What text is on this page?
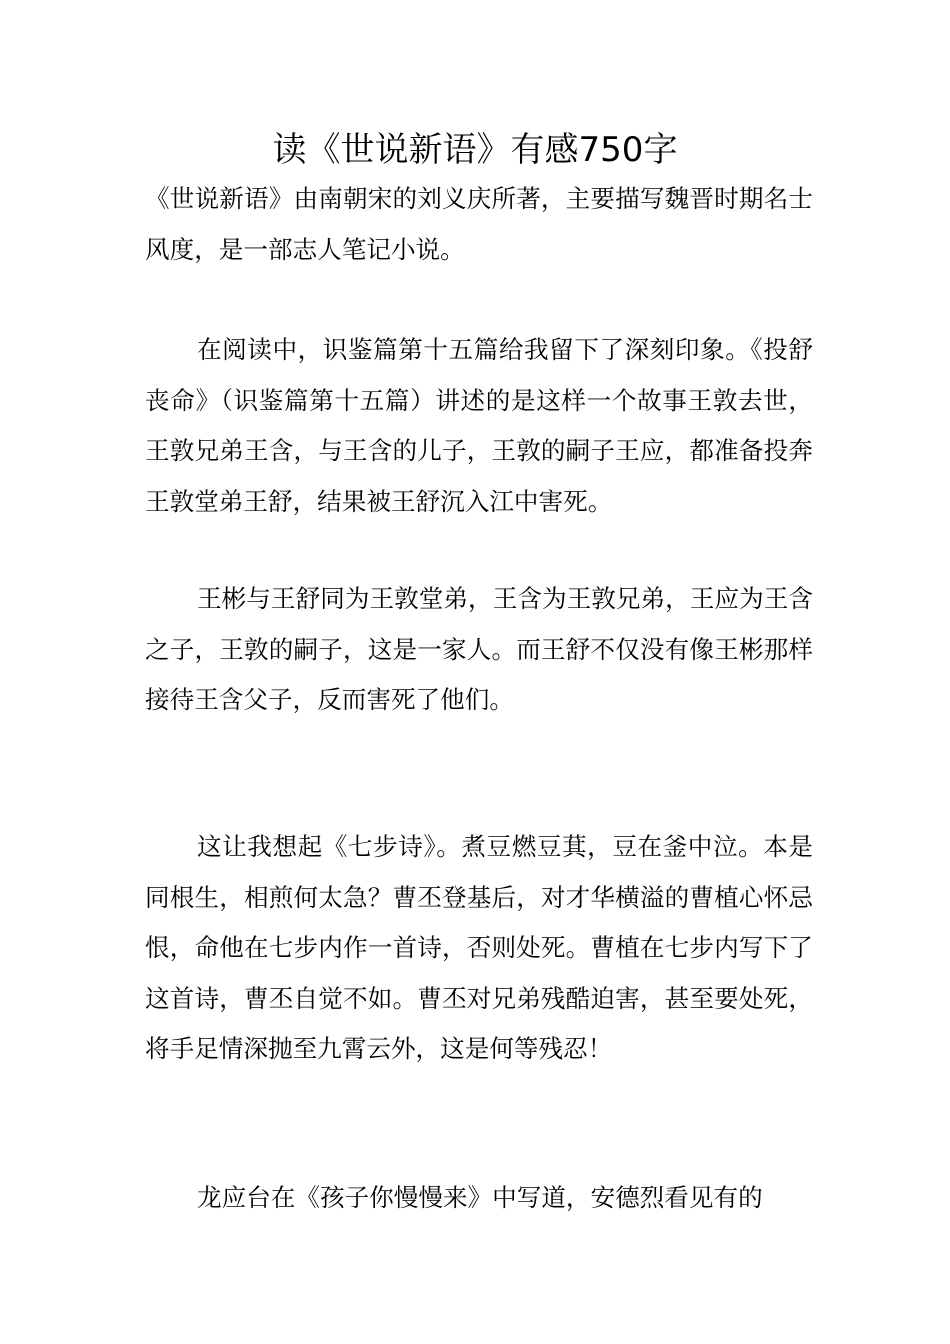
读《世说新语》有感750字

《世说新语》由南朝宋的刘义庆所著，主要描写魏晋时期名士风度，是一部志人笔记小说。

在阅读中，识鉴篇第十五篇给我留下了深刻印象。《投舒丧命》（识鉴篇第十五篇）讲述的是这样一个故事王敦去世，王敦兄弟王含，与王含的儿子，王敦的嗣子王应，都准备投奔王敦堂弟王舒，结果被王舒沉入江中害死。

王彬与王舒同为王敦堂弟，王含为王敦兄弟，王应为王含之子，王敦的嗣子，这是一家人。而王舒不仅没有像王彬那样接待王含父子，反而害死了他们。

这让我想起《七步诗》。煮豆燃豆萁，豆在釜中泣。本是同根生，相煎何太急？曹丕登基后，对才华横溢的曹植心怀忌恨，命他在七步内作一首诗，否则处死。曹植在七步内写下了这首诗，曹丕自觉不如。曹丕对兄弟残酷迫害，甚至要处死，将手足情深抛至九霄云外，这是何等残忍！

龙应台在《孩子你慢慢来》中写道，安德烈看见有的
